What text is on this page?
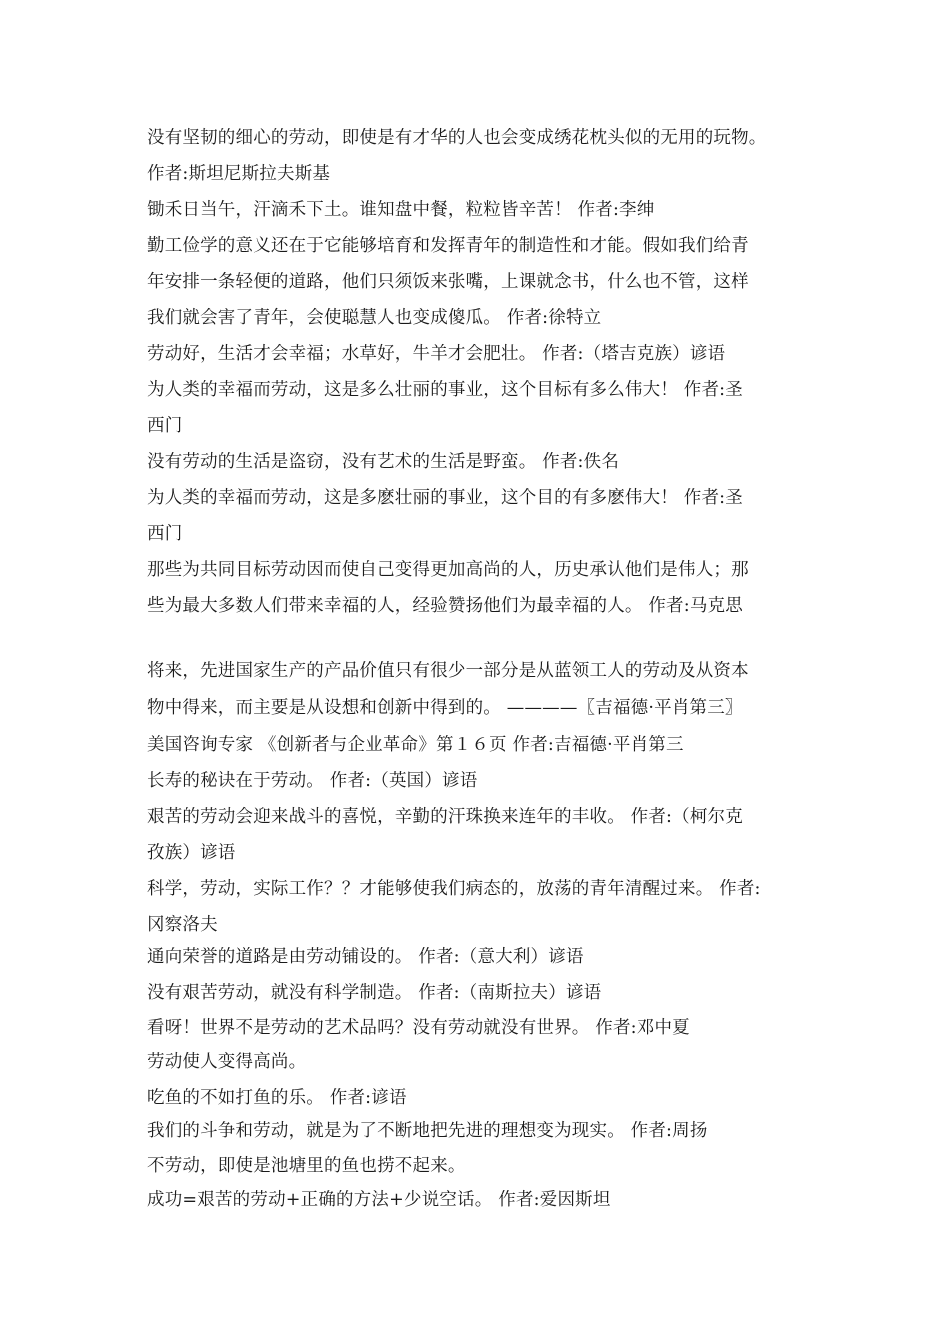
没有坚韧的细心的劳动，即使是有才华的人也会变成绣花枕头似的无用的玩物。
作者:斯坦尼斯拉夫斯基
锄禾日当午，汗滴禾下土。谁知盘中餐，粒粒皆辛苦！ 作者:李绅
勤工俭学的意义还在于它能够培育和发挥青年的制造性和才能。假如我们给青
年安排一条轻便的道路，他们只须饭来张嘴，上课就念书，什么也不管，这样
我们就会害了青年，会使聪慧人也变成傻瓜。 作者:徐特立
劳动好，生活才会幸福；水草好，牛羊才会肥壮。 作者:（塔吉克族）谚语
为人类的幸福而劳动，这是多么壮丽的事业，这个目标有多么伟大！ 作者:圣
西门
没有劳动的生活是盗窃，没有艺术的生活是野蛮。 作者:佚名
为人类的幸福而劳动，这是多麽壮丽的事业，这个目的有多麽伟大！ 作者:圣
西门
那些为共同目标劳动因而使自己变得更加高尚的人，历史承认他们是伟人；那
些为最大多数人们带来幸福的人，经验赞扬他们为最幸福的人。 作者:马克思
将来，先进国家生产的产品价值只有很少一部分是从蓝领工人的劳动及从资本
物中得来，而主要是从设想和创新中得到的。 ————〖吉福德·平肖第三〗
美国咨询专家 《创新者与企业革命》第１６页 作者:吉福德·平肖第三
长寿的秘诀在于劳动。 作者:（英国）谚语
艰苦的劳动会迎来战斗的喜悦，辛勤的汗珠换来连年的丰收。 作者:（柯尔克
孜族）谚语
科学，劳动，实际工作？？才能够使我们病态的，放荡的青年清醒过来。 作者:
冈察洛夫
通向荣誉的道路是由劳动铺设的。 作者:（意大利）谚语
没有艰苦劳动，就没有科学制造。 作者:（南斯拉夫）谚语
看呀！世界不是劳动的艺术品吗？没有劳动就没有世界。 作者:邓中夏
劳动使人变得高尚。
吃鱼的不如打鱼的乐。 作者:谚语
我们的斗争和劳动，就是为了不断地把先进的理想变为现实。 作者:周扬
不劳动，即使是池塘里的鱼也捞不起来。
成功=艰苦的劳动+正确的方法+少说空话。 作者:爱因斯坦
